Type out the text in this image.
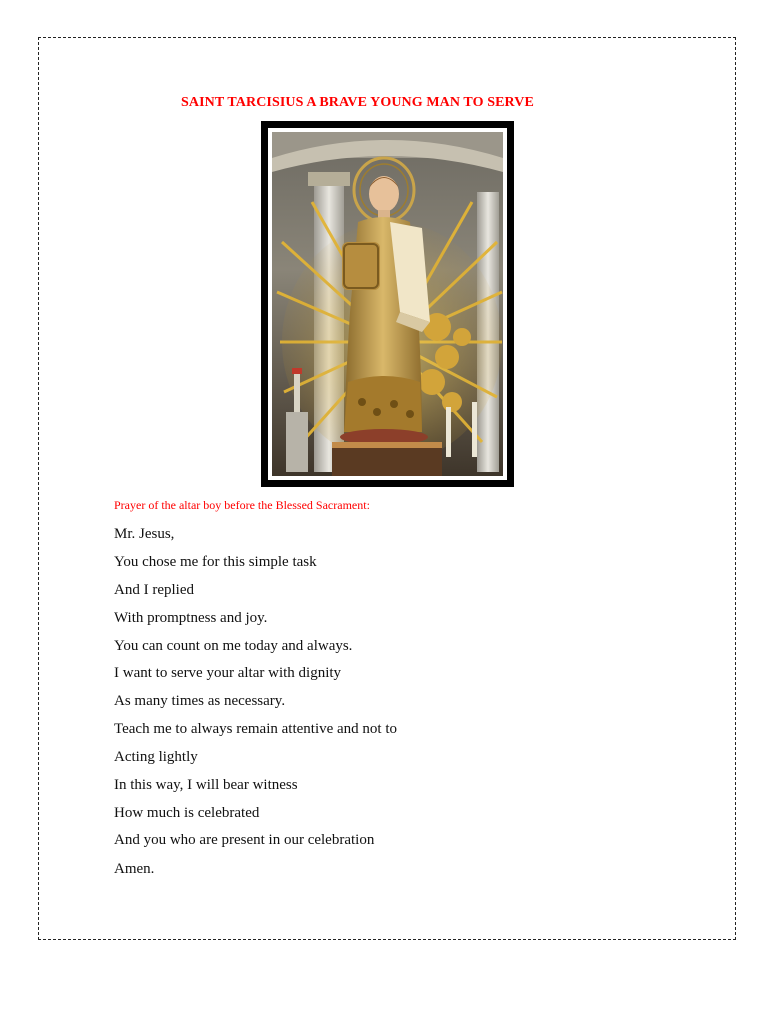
SAINT TARCISIUS A BRAVE YOUNG MAN TO SERVE
Prayer of the altar boy before the Blessed Sacrament:
Mr. Jesus,
You chose me for this simple task
And I replied
With promptness and joy.
You can count on me today and always.
I want to serve your altar with dignity
As many times as necessary.
Teach me to always remain attentive and not to
Acting lightly
In this way, I will bear witness
How much is celebrated
And you who are present in our celebration
Amen.
